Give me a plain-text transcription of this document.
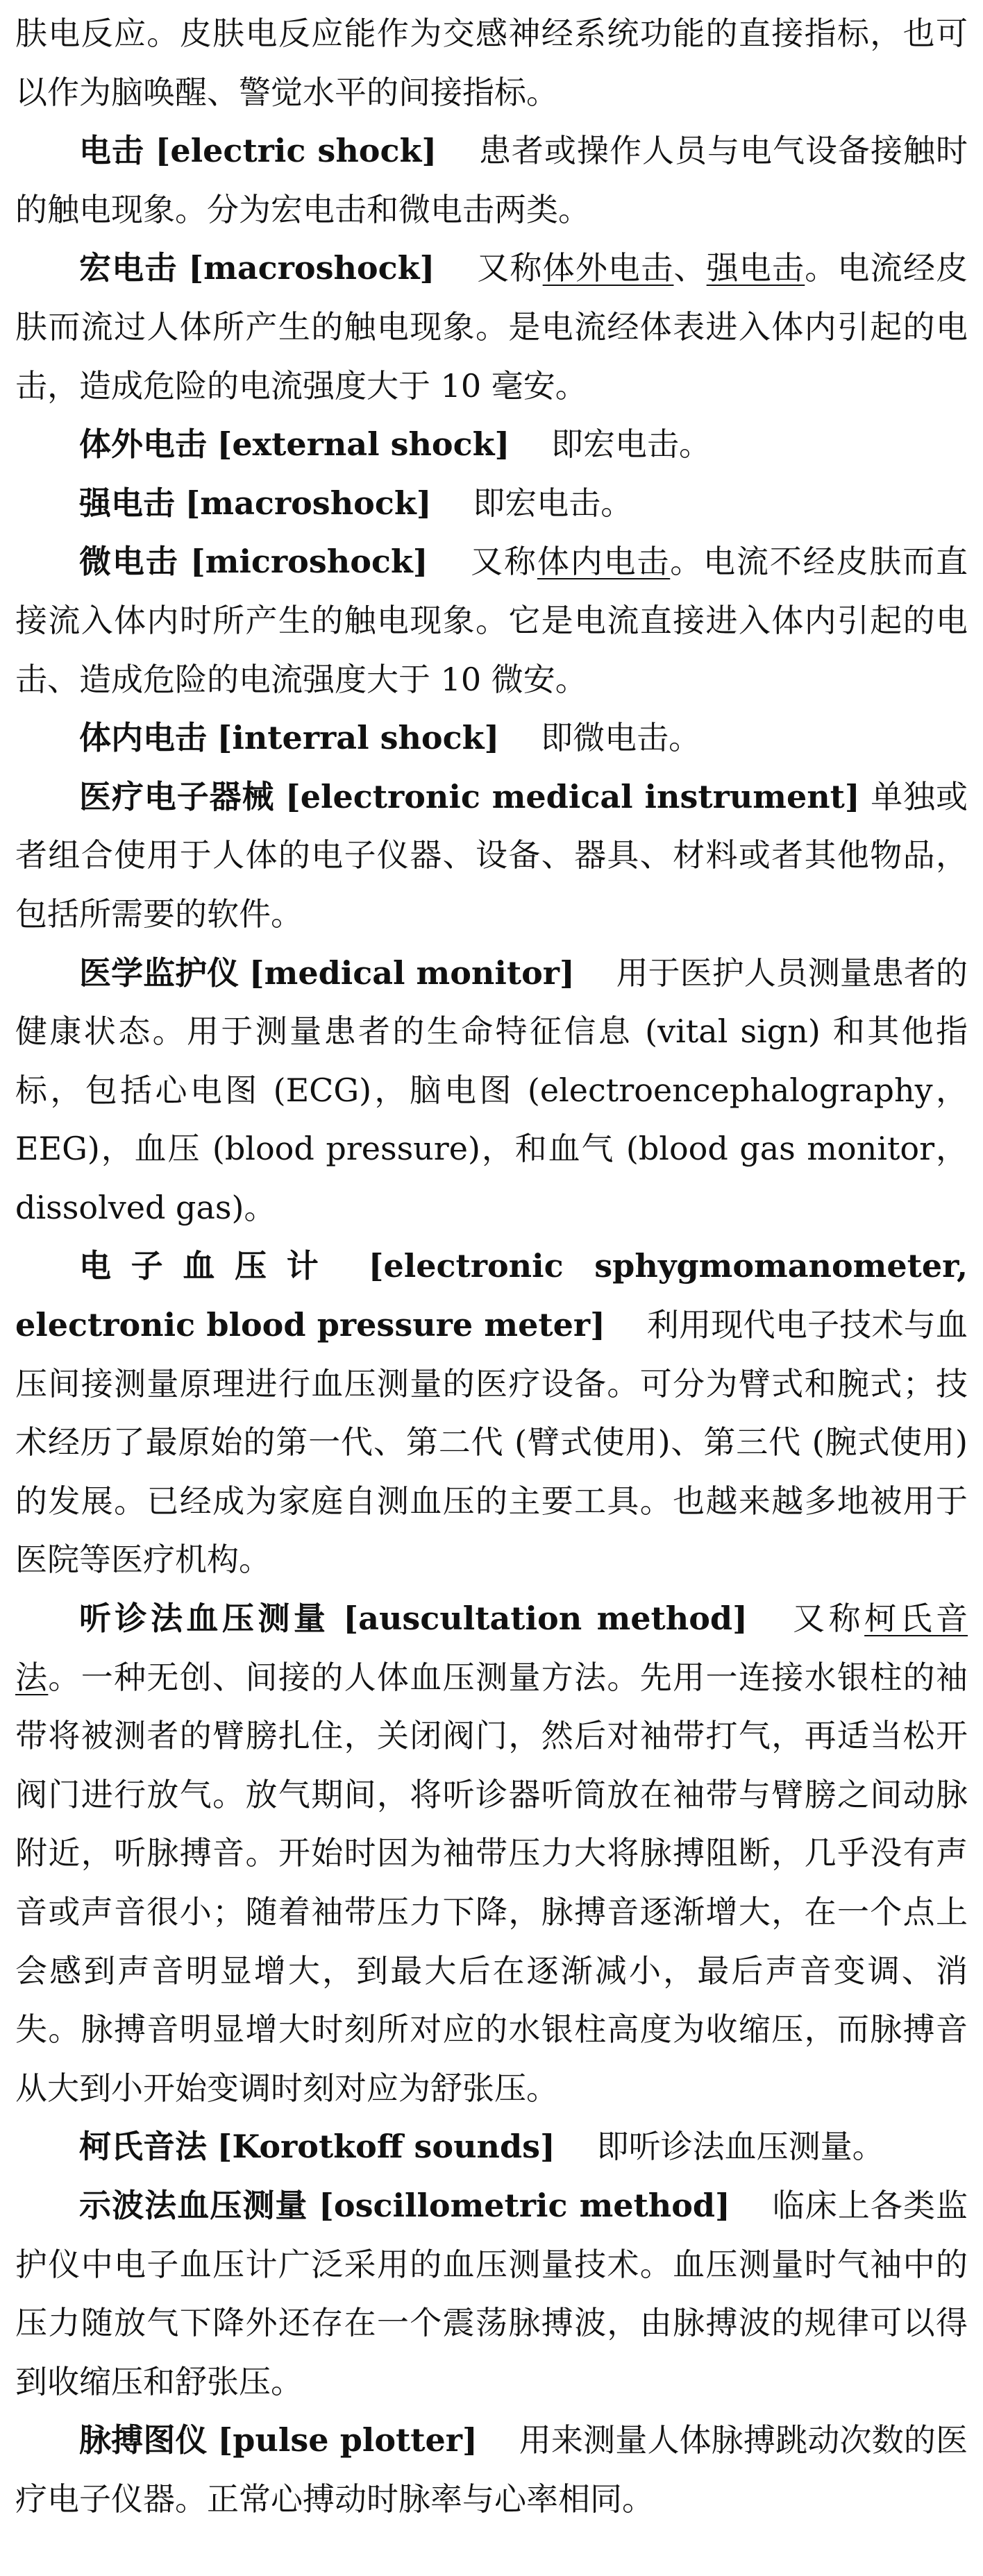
肤电反应。皮肤电反应能作为交感神经系统功能的直接指标，也可以作为脑唤醒、警觉水平的间接指标。

电击 [electric shock] 患者或操作人员与电气设备接触时的触电现象。分为宏电击和微电击两类。

宏电击 [macroshock] 又称体外电击、强电击。电流经皮肤而流过人体所产生的触电现象。是电流经体表进入体内引起的电击，造成危险的电流强度大于 10 毫安。

体外电击 [external shock] 即宏电击。

强电击 [macroshock] 即宏电击。

微电击 [microshock] 又称体内电击。电流不经皮肤而直接流入体内时所产生的触电现象。它是电流直接进入体内引起的电击、造成危险的电流强度大于 10 微安。

体内电击 [interral shock] 即微电击。

医疗电子器械 [electronic medical instrument] 单独或者组合使用于人体的电子仪器、设备、器具、材料或者其他物品，包括所需要的软件。

医学监护仪 [medical monitor] 用于医护人员测量患者的健康状态。用于测量患者的生命特征信息 (vital sign) 和其他指标，包括心电图 (ECG)，脑电图 (electroencephalography，EEG)，血压 (blood pressure)，和血气 (blood gas monitor，dissolved gas)。

电子血压计 [electronic sphygmomanometer, electronic blood pressure meter] 利用现代电子技术与血压间接测量原理进行血压测量的医疗设备。可分为臂式和腕式；技术经历了最原始的第一代、第二代 (臂式使用)、第三代 (腕式使用) 的发展。已经成为家庭自测血压的主要工具。也越来越多地被用于医院等医疗机构。

听诊法血压测量 [auscultation method] 又称柯氏音法。一种无创、间接的人体血压测量方法。先用一连接水银柱的袖带将被测者的臂膀扎住，关闭阀门，然后对袖带打气，再适当松开阀门进行放气。放气期间，将听诊器听筒放在袖带与臂膀之间动脉附近，听脉搏音。开始时因为袖带压力大将脉搏阻断，几乎没有声音或声音很小；随着袖带压力下降，脉搏音逐渐增大，在一个点上会感到声音明显增大，到最大后在逐渐减小，最后声音变调、消失。脉搏音明显增大时刻所对应的水银柱高度为收缩压，而脉搏音从大到小开始变调时刻对应为舒张压。

柯氏音法 [Korotkoff sounds] 即听诊法血压测量。

示波法血压测量 [oscillometric method] 临床上各类监护仪中电子血压计广泛采用的血压测量技术。血压测量时气袖中的压力随放气下降外还存在一个震荡脉搏波，由脉搏波的规律可以得到收缩压和舒张压。

脉搏图仪 [pulse plotter] 用来测量人体脉搏跳动次数的医疗电子仪器。正常心搏动时脉率与心率相同。
